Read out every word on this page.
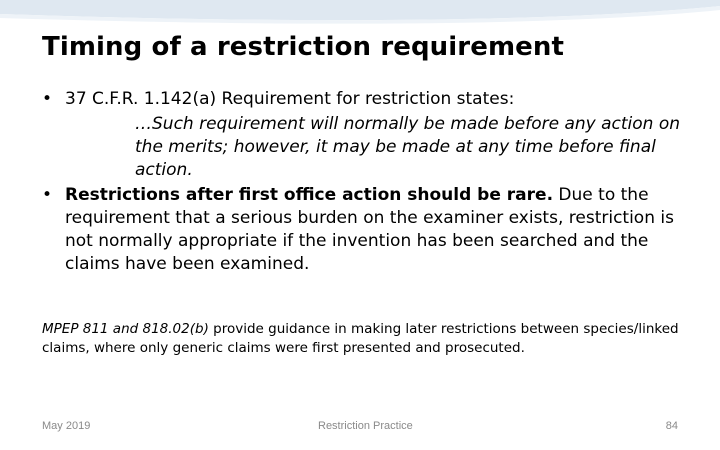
Timing of a restriction requirement
• 37 C.F.R. 1.142(a) Requirement for restriction states:
…Such requirement will normally be made before any action on the merits; however, it may be made at any time before final action.
• Restrictions after first office action should be rare. Due to the requirement that a serious burden on the examiner exists, restriction is not normally appropriate if the invention has been searched and the claims have been examined.
MPEP 811 and 818.02(b) provide guidance in making later restrictions between species/linked claims, where only generic claims were first presented and prosecuted.
May 2019	Restriction Practice	84
